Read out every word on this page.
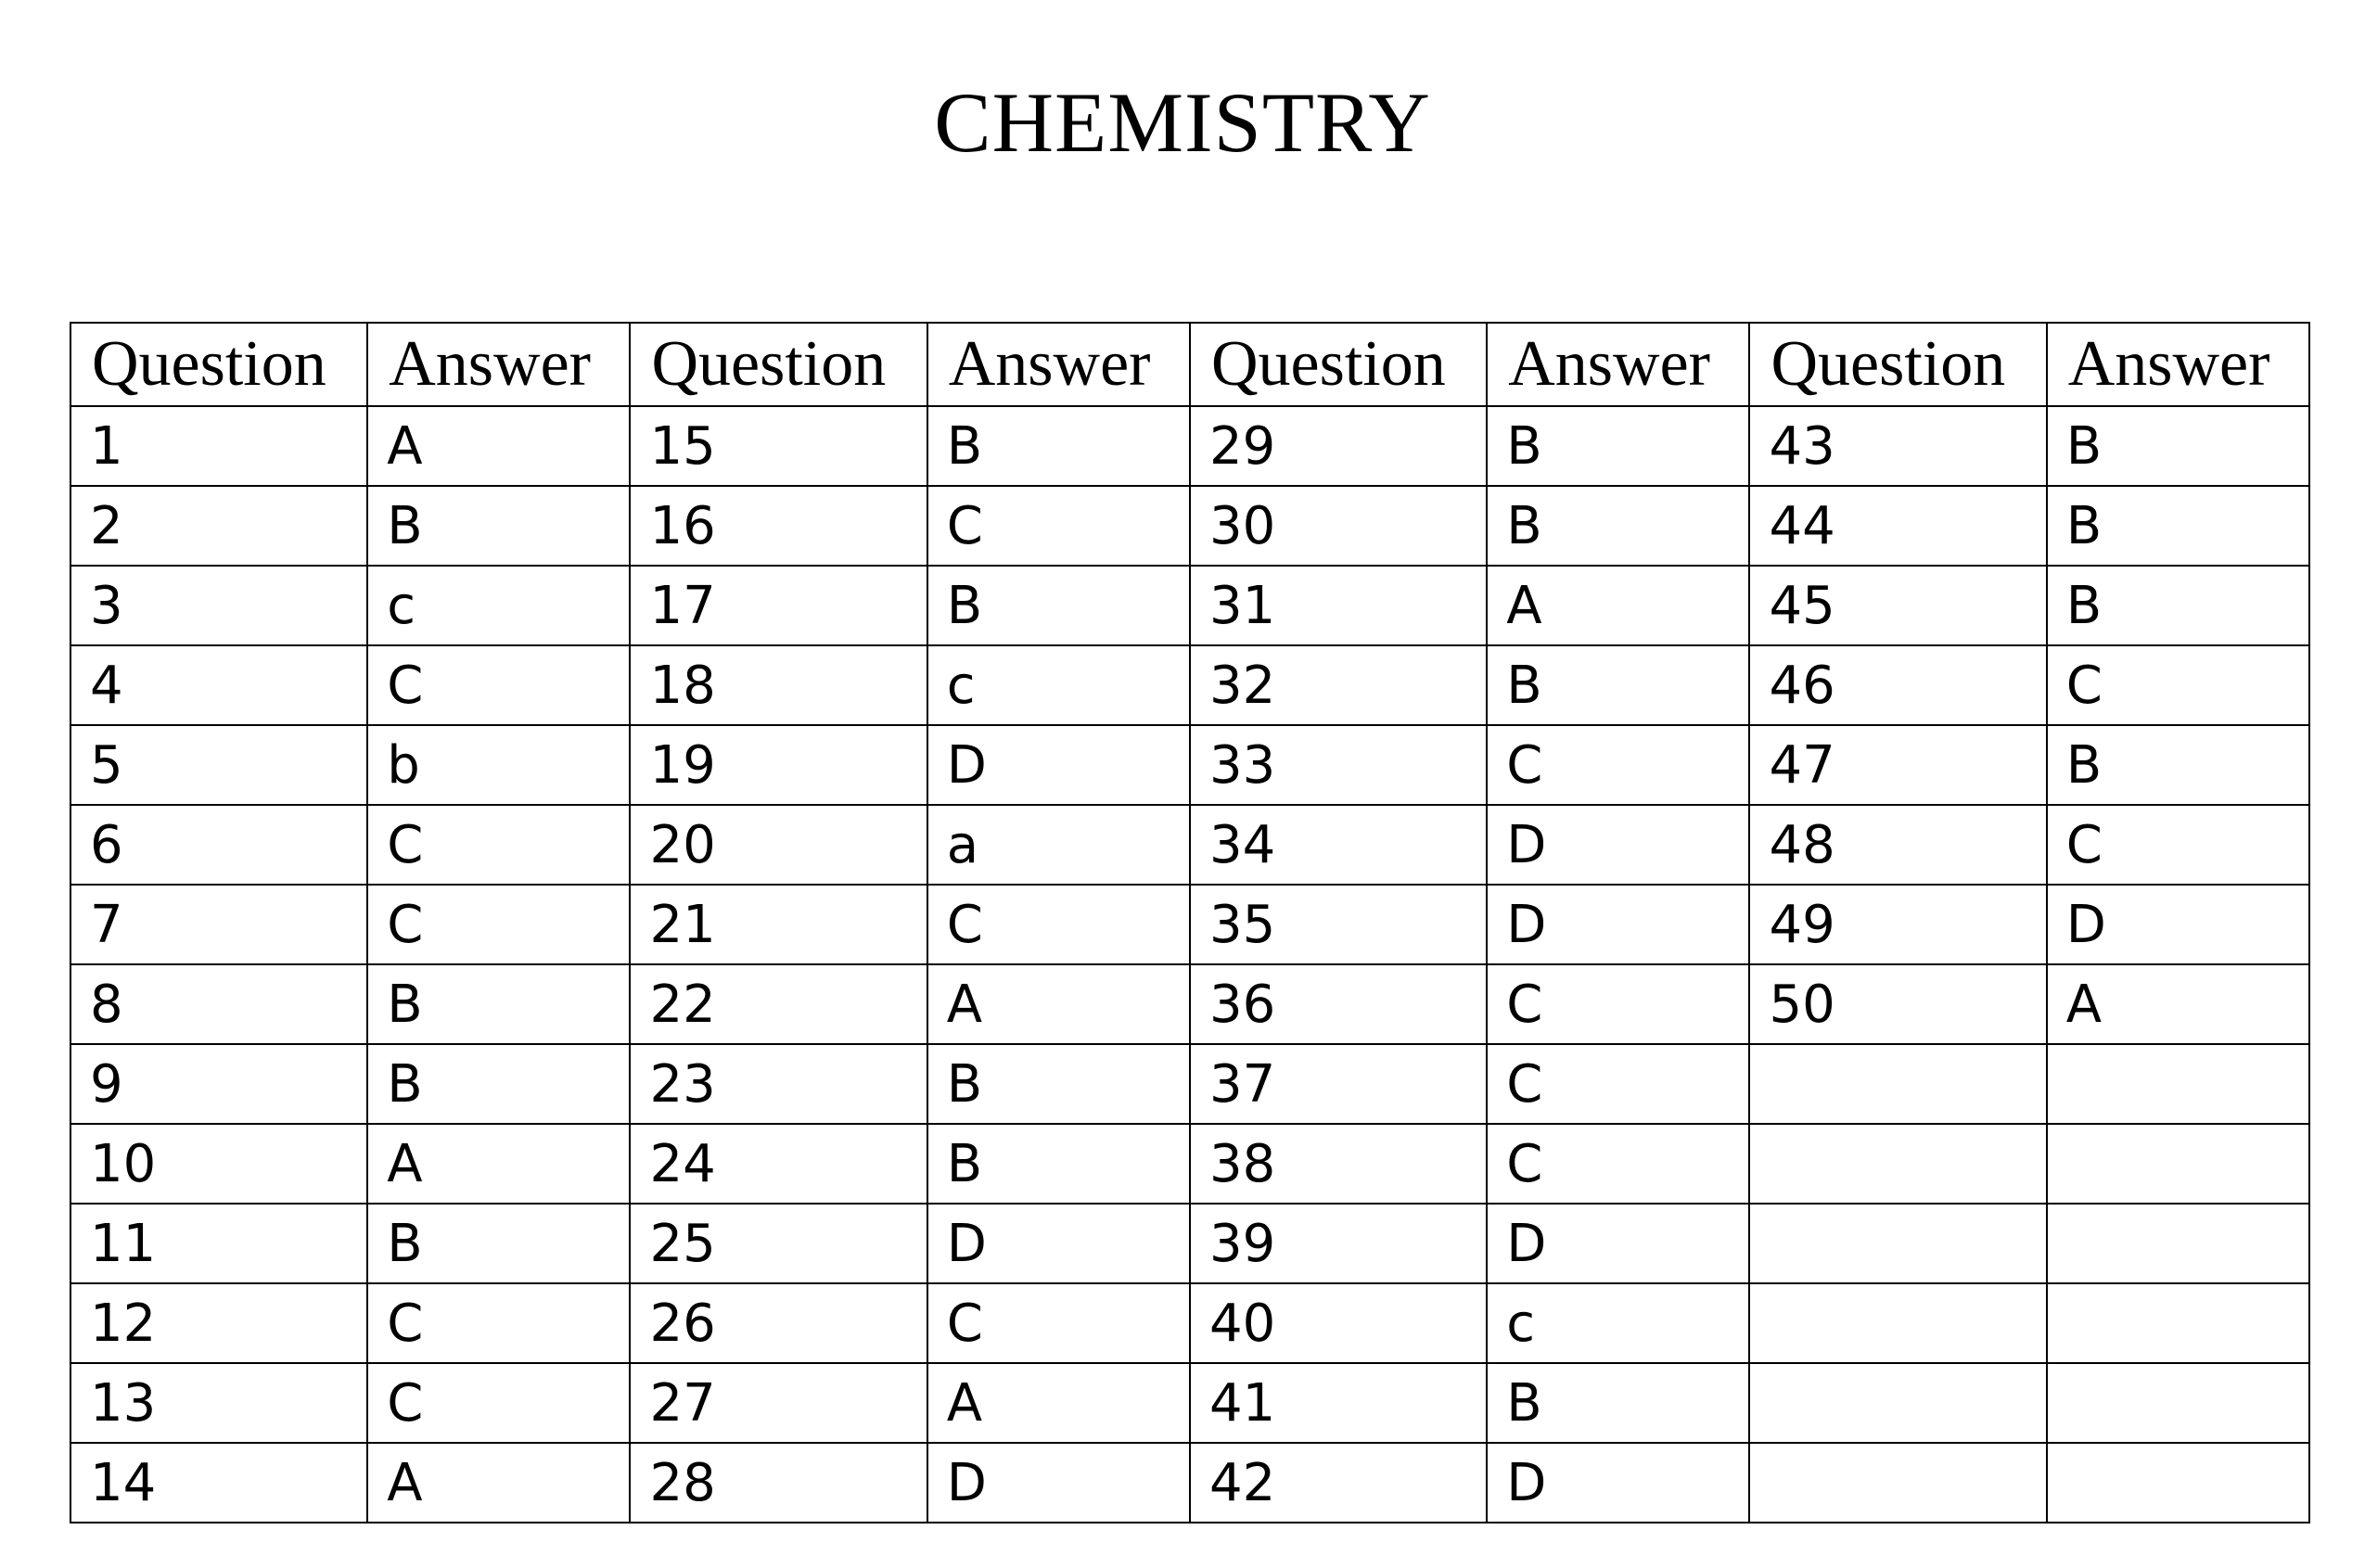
CHEMISTRY
Question	Answer	Question	Answer	Question	Answer	Question	Answer
1	A	15	B	29	B	43	B
2	B	16	C	30	B	44	B
3	c	17	B	31	A	45	B
4	C	18	c	32	B	46	C
5	b	19	D	33	C	47	B
6	C	20	a	34	D	48	C
7	C	21	C	35	D	49	D
8	B	22	A	36	C	50	A
9	B	23	B	37	C		
10	A	24	B	38	C		
11	B	25	D	39	D		
12	C	26	C	40	c		
13	C	27	A	41	B		
14	A	28	D	42	D		
